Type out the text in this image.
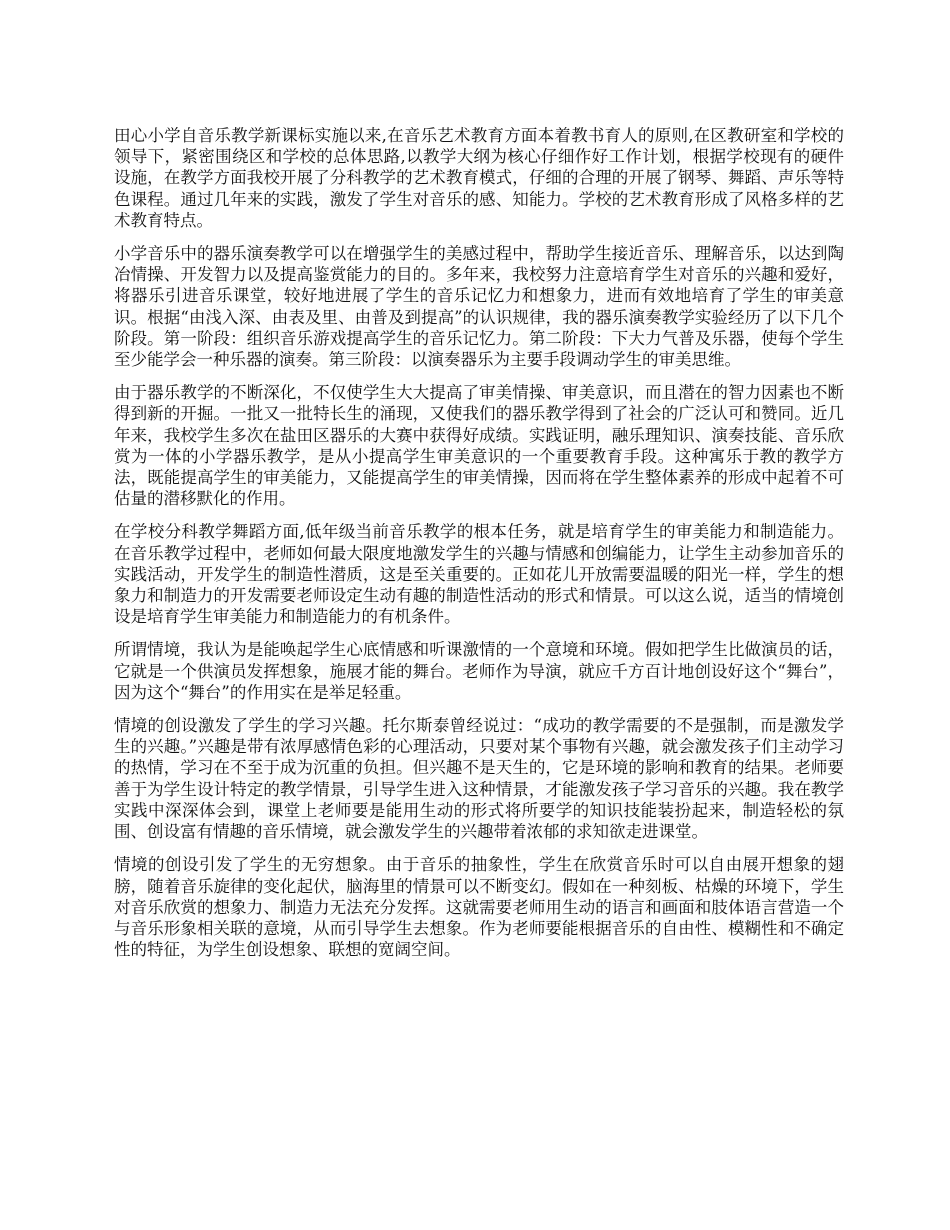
田心小学自音乐教学新课标实施以来,在音乐艺术教育方面本着教书育人的原则,在区教研室和学校的领导下，紧密围绕区和学校的总体思路,以教学大纲为核心仔细作好工作计划，根据学校现有的硬件设施，在教学方面我校开展了分科教学的艺术教育模式，仔细的合理的开展了钢琴、舞蹈、声乐等特色课程。通过几年来的实践，激发了学生对音乐的感、知能力。学校的艺术教育形成了风格多样的艺术教育特点。

小学音乐中的器乐演奏教学可以在增强学生的美感过程中，帮助学生接近音乐、理解音乐，以达到陶冶情操、开发智力以及提高鉴赏能力的目的。多年来，我校努力注意培育学生对音乐的兴趣和爱好，将器乐引进音乐课堂，较好地进展了学生的音乐记忆力和想象力，进而有效地培育了学生的审美意识。根据“由浅入深、由表及里、由普及到提高”的认识规律，我的器乐演奏教学实验经历了以下几个阶段。第一阶段：组织音乐游戏提高学生的音乐记忆力。第二阶段：下大力气普及乐器，使每个学生至少能学会一种乐器的演奏。第三阶段：以演奏器乐为主要手段调动学生的审美思维。

由于器乐教学的不断深化，不仅使学生大大提高了审美情操、审美意识，而且潜在的智力因素也不断得到新的开掘。一批又一批特长生的涌现，又使我们的器乐教学得到了社会的广泛认可和赞同。近几年来，我校学生多次在盐田区器乐的大赛中获得好成绩。实践证明，融乐理知识、演奏技能、音乐欣赏为一体的小学器乐教学，是从小提高学生审美意识的一个重要教育手段。这种寓乐于教的教学方法，既能提高学生的审美能力，又能提高学生的审美情操，因而将在学生整体素养的形成中起着不可估量的潜移默化的作用。

在学校分科教学舞蹈方面,低年级当前音乐教学的根本任务，就是培育学生的审美能力和制造能力。在音乐教学过程中，老师如何最大限度地激发学生的兴趣与情感和创编能力，让学生主动参加音乐的实践活动，开发学生的制造性潜质，这是至关重要的。正如花儿开放需要温暖的阳光一样，学生的想象力和制造力的开发需要老师设定生动有趣的制造性活动的形式和情景。可以这么说，适当的情境创设是培育学生审美能力和制造能力的有机条件。

所谓情境，我认为是能唤起学生心底情感和听课激情的一个意境和环境。假如把学生比做演员的话，它就是一个供演员发挥想象，施展才能的舞台。老师作为导演，就应千方百计地创设好这个“舞台”，因为这个“舞台”的作用实在是举足轻重。

情境的创设激发了学生的学习兴趣。托尔斯泰曾经说过：“成功的教学需要的不是强制，而是激发学生的兴趣。”兴趣是带有浓厚感情色彩的心理活动，只要对某个事物有兴趣，就会激发孩子们主动学习的热情，学习在不至于成为沉重的负担。但兴趣不是天生的，它是环境的影响和教育的结果。老师要善于为学生设计特定的教学情景，引导学生进入这种情景，才能激发孩子学习音乐的兴趣。我在教学实践中深深体会到，课堂上老师要是能用生动的形式将所要学的知识技能装扮起来，制造轻松的氛围、创设富有情趣的音乐情境，就会激发学生的兴趣带着浓郁的求知欲走进课堂。

情境的创设引发了学生的无穷想象。由于音乐的抽象性，学生在欣赏音乐时可以自由展开想象的翅膀，随着音乐旋律的变化起伏，脑海里的情景可以不断变幻。假如在一种刻板、枯燥的环境下，学生对音乐欣赏的想象力、制造力无法充分发挥。这就需要老师用生动的语言和画面和肢体语言营造一个与音乐形象相关联的意境，从而引导学生去想象。作为老师要能根据音乐的自由性、模糊性和不确定性的特征，为学生创设想象、联想的宽阔空间。
